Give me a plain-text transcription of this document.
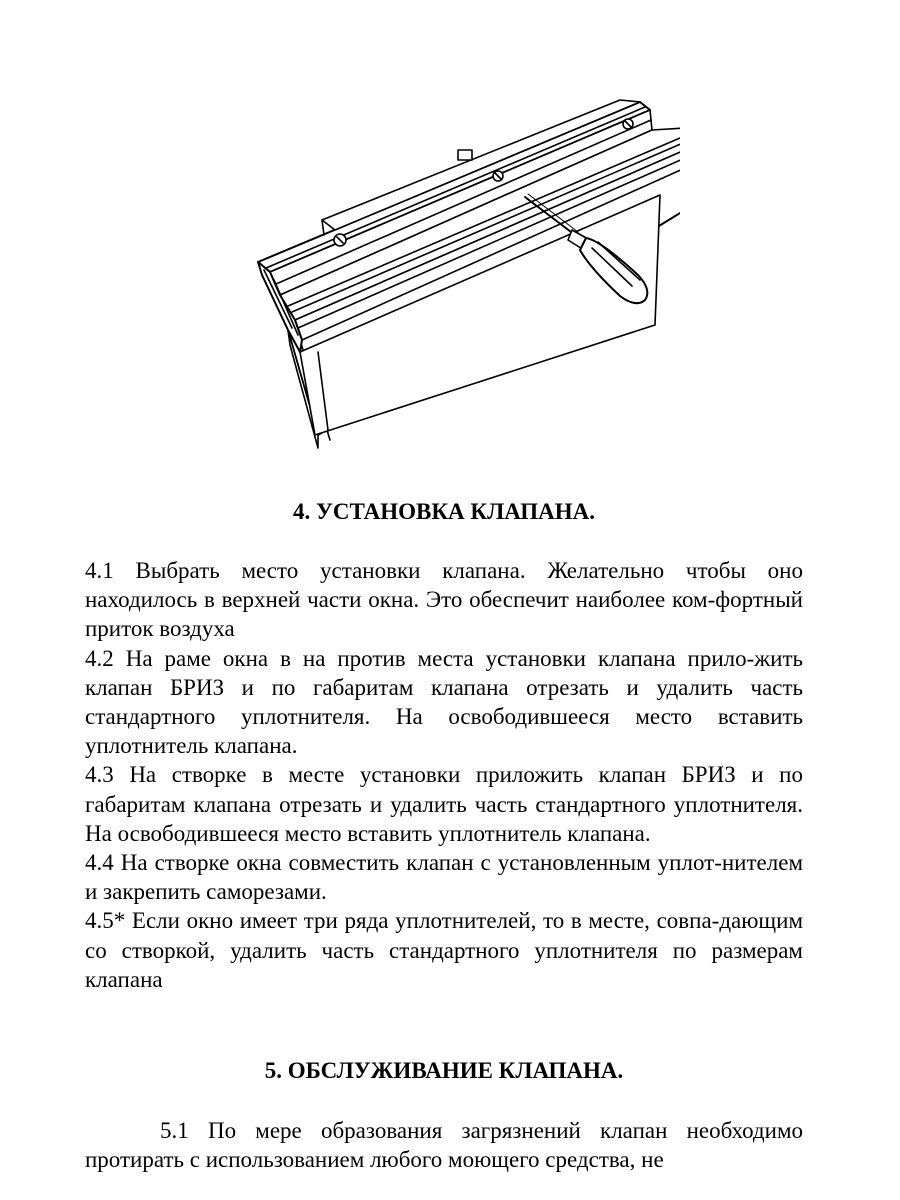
4. УСТАНОВКА КЛАПАНА.

4.1 Выбрать место установки клапана. Желательно чтобы оно находилось в верхней части окна. Это обеспечит наиболее ком-фортный приток воздуха

4.2 На раме окна в на против места установки клапана прило-жить клапан БРИЗ и по габаритам клапана отрезать и удалить часть стандартного уплотнителя. На освободившееся место вставить уплотнитель клапана.

4.3 На створке в месте установки приложить клапан БРИЗ и по габаритам клапана отрезать и удалить часть стандартного уплотнителя. На освободившееся место вставить уплотнитель клапана.

4.4 На створке окна совместить клапан с установленным уплот-нителем и закрепить саморезами.

4.5* Если окно имеет три ряда уплотнителей, то в месте, совпа-дающим со створкой, удалить часть стандартного уплотнителя по размерам клапана

5. ОБСЛУЖИВАНИЕ КЛАПАНА.

5.1 По мере образования загрязнений клапан необходимо протирать с использованием любого моющего средства, не
